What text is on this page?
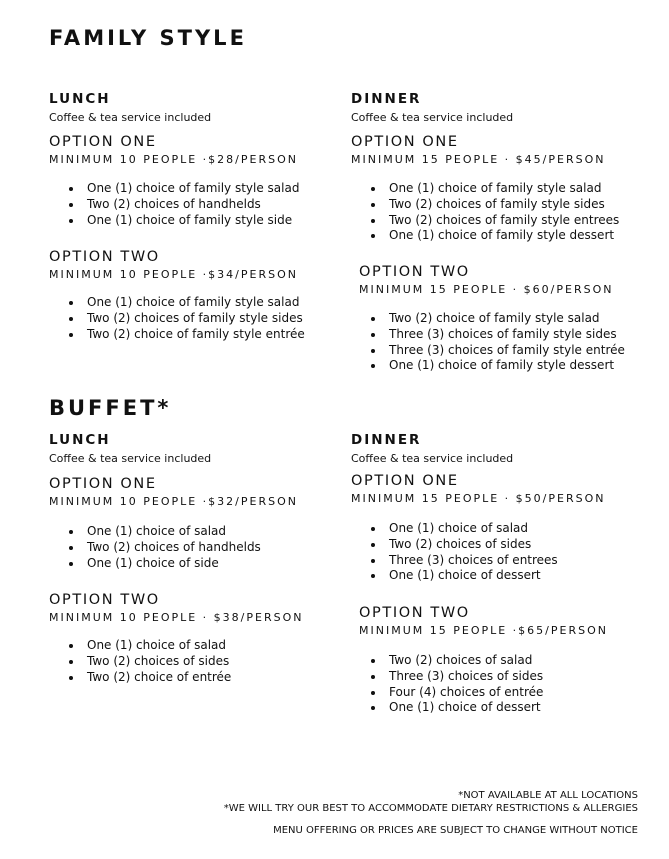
FAMILY STYLE
LUNCH
Coffee & tea service included
OPTION ONE
MINIMUM 10 PEOPLE ·$28/PERSON
One (1) choice of family style salad
Two (2) choices of handhelds
One (1) choice of family style side
OPTION TWO
MINIMUM 10 PEOPLE ·$34/PERSON
One (1) choice of family style salad
Two (2) choices of family style sides
Two (2) choice of family style entrée
DINNER
Coffee & tea service included
OPTION ONE
MINIMUM 15 PEOPLE · $45/PERSON
One (1) choice of family style salad
Two (2) choices of family style sides
Two (2) choices of family style entrees
One (1) choice of family style dessert
OPTION TWO
MINIMUM 15 PEOPLE · $60/PERSON
Two (2) choice of family style salad
Three (3) choices of family style sides
Three (3) choices of family style entrée
One (1) choice of family style dessert
BUFFET*
LUNCH
Coffee & tea service included
OPTION ONE
MINIMUM 10 PEOPLE ·$32/PERSON
One (1) choice of salad
Two (2) choices of handhelds
One (1) choice of side
OPTION TWO
MINIMUM 10 PEOPLE · $38/PERSON
One (1) choice of salad
Two (2) choices of sides
Two (2) choice of entrée
DINNER
Coffee & tea service included
OPTION ONE
MINIMUM 15 PEOPLE · $50/PERSON
One (1) choice of salad
Two (2) choices of sides
Three (3) choices of entrees
One (1) choice of dessert
OPTION TWO
MINIMUM 15 PEOPLE ·$65/PERSON
Two (2) choices of salad
Three (3) choices of sides
Four (4) choices of entrée
One (1) choice of dessert
*NOT AVAILABLE AT ALL LOCATIONS
*WE WILL TRY OUR BEST TO ACCOMMODATE DIETARY RESTRICTIONS & ALLERGIES
MENU OFFERING OR PRICES ARE SUBJECT TO CHANGE WITHOUT NOTICE
